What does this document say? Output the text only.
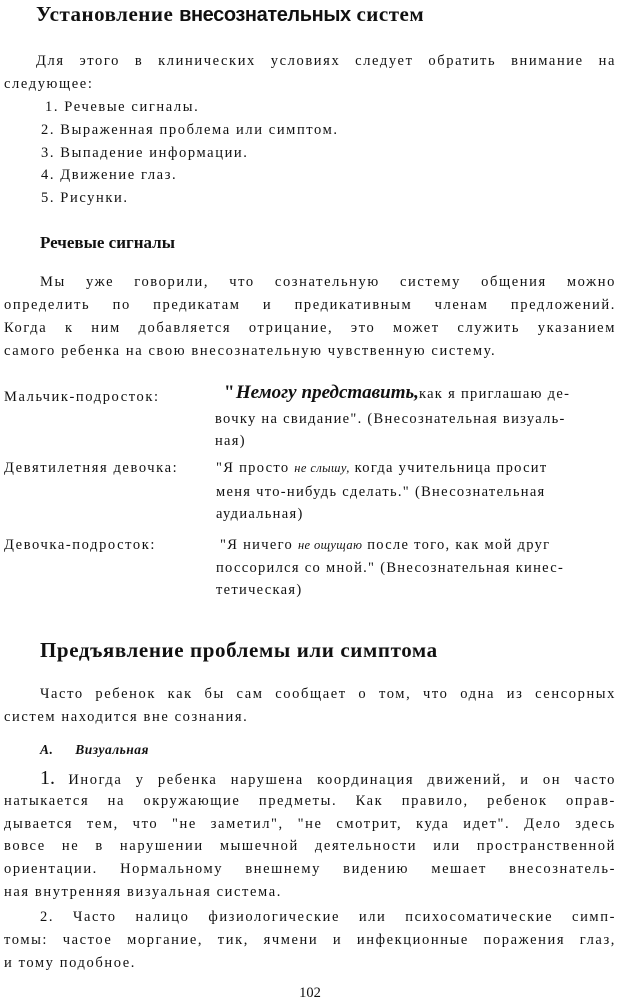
Установление внесознательных систем
Для этого в клинических условиях следует обратить внимание на
следующее:
1. Речевые сигналы.
2. Выраженная проблема или симптом.
3. Выпадение информации.
4. Движение глаз.
5. Рисунки.
Речевые сигналы
Мы уже говорили, что сознательную систему общения можно
определить по предикатам и предикативным членам предложений.
Когда к ним добавляется отрицание, это может служить указанием
самого ребенка на свою внесознательную чувственную систему.
Мальчик-подросток:	"Немогу представить,как я приглашаю де-
вочку на свидание". (Внесознательная визуаль-
ная)
Девятилетняя девочка:	"Я просто не слышу, когда учительница просит
меня что-нибудь сделать." (Внесознательная
аудиальная)
Девочка-подросток:	"Я ничего не ощущаю после того, как мой друг
поссорился со мной." (Внесознательная кинес-
тетическая)
Предъявление проблемы или симптома
Часто ребенок как бы сам сообщает о том, что одна из сенсорных
систем находится вне сознания.
А. Визуальная
1. Иногда у ребенка нарушена координация движений, и он часто
натыкается на окружающие предметы. Как правило, ребенок оправ-
дывается тем, что "не заметил", "не смотрит, куда идет". Дело здесь
вовсе не в нарушении мышечной деятельности или пространственной
ориентации. Нормальному внешнему видению мешает внесознатель-
ная внутренняя визуальная система.
2. Часто налицо физиологические или психосоматические симп-
томы: частое моргание, тик, ячмени и инфекционные поражения глаз,
и тому подобное.
102
